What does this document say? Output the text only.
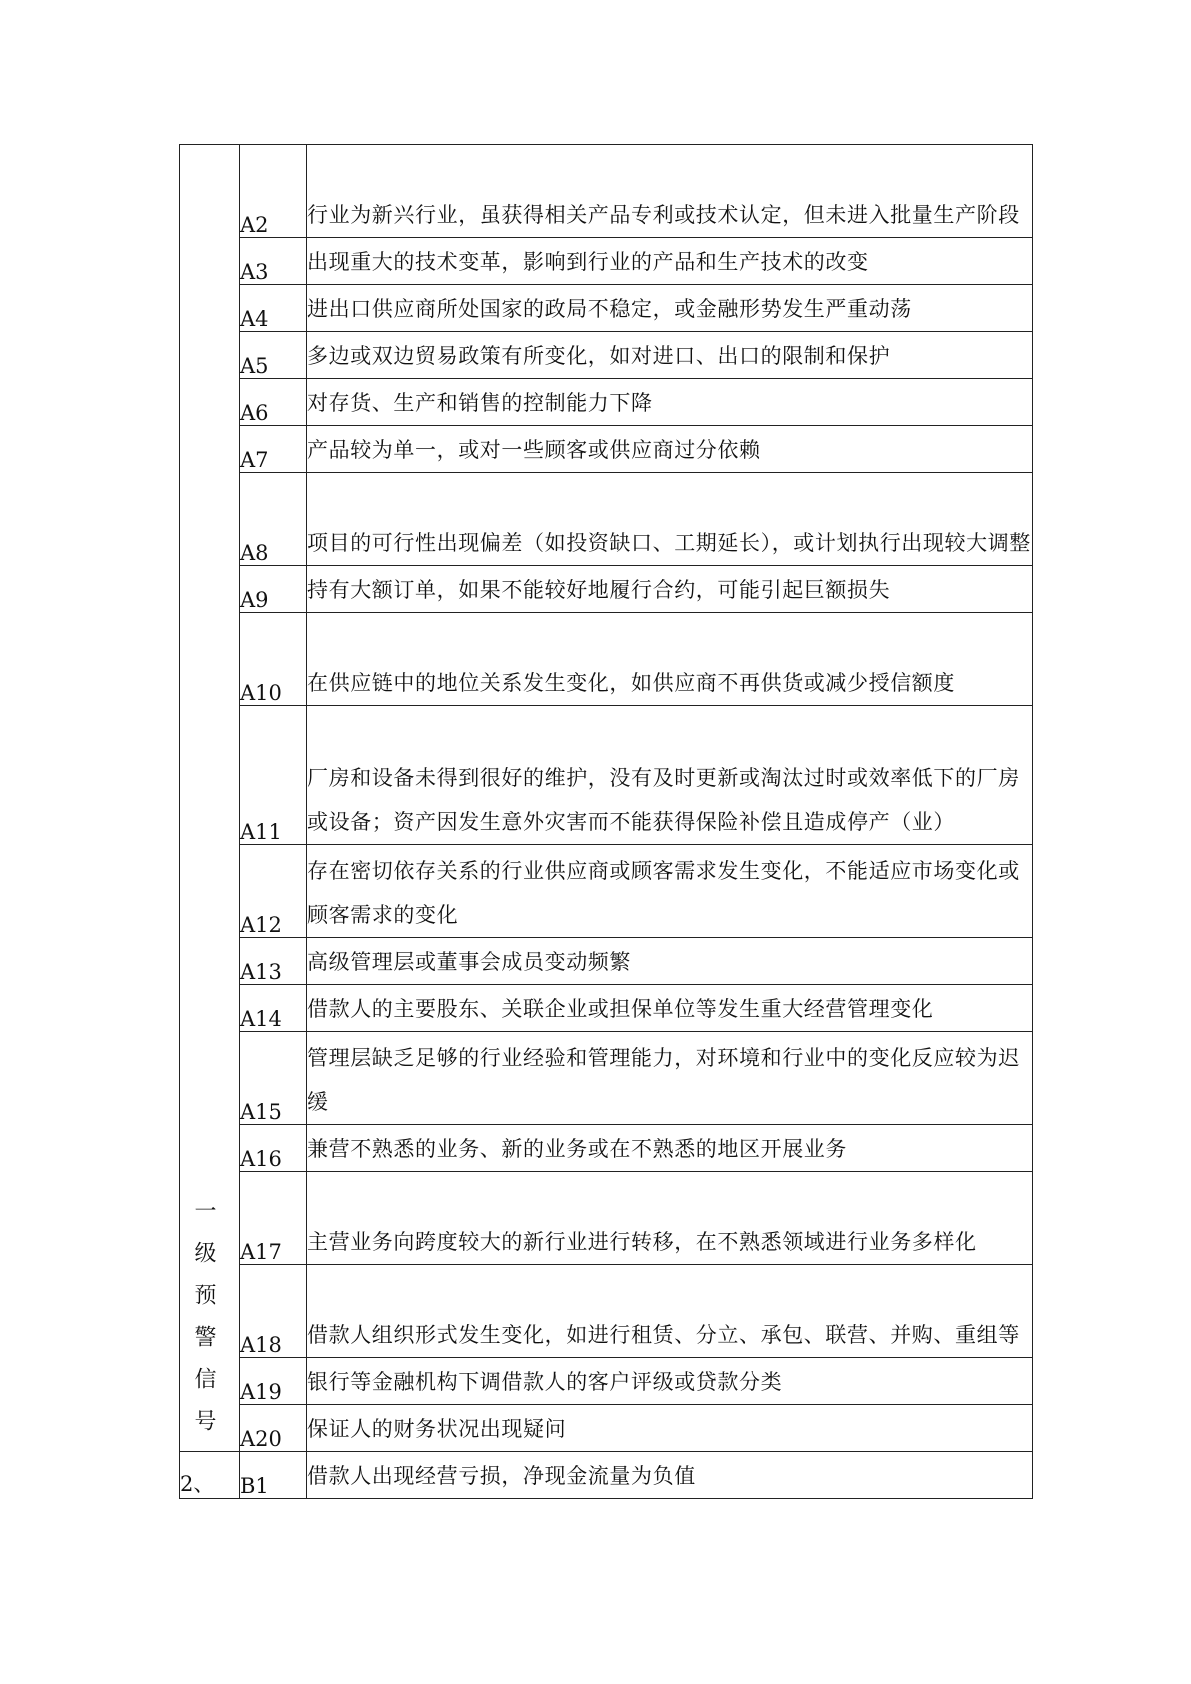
一级预警信号	A2	行业为新兴行业，虽获得相关产品专利或技术认定，但未进入批量生产阶段
	A3	出现重大的技术变革，影响到行业的产品和生产技术的改变
	A4	进出口供应商所处国家的政局不稳定，或金融形势发生严重动荡
	A5	多边或双边贸易政策有所变化，如对进口、出口的限制和保护
	A6	对存货、生产和销售的控制能力下降
	A7	产品较为单一，或对一些顾客或供应商过分依赖
	A8	项目的可行性出现偏差（如投资缺口、工期延长），或计划执行出现较大调整
	A9	持有大额订单，如果不能较好地履行合约，可能引起巨额损失
	A10	在供应链中的地位关系发生变化，如供应商不再供货或减少授信额度
	A11	厂房和设备未得到很好的维护，没有及时更新或淘汰过时或效率低下的厂房或设备；资产因发生意外灾害而不能获得保险补偿且造成停产（业）
	A12	存在密切依存关系的行业供应商或顾客需求发生变化，不能适应市场变化或顾客需求的变化
	A13	高级管理层或董事会成员变动频繁
	A14	借款人的主要股东、关联企业或担保单位等发生重大经营管理变化
	A15	管理层缺乏足够的行业经验和管理能力，对环境和行业中的变化反应较为迟缓
	A16	兼营不熟悉的业务、新的业务或在不熟悉的地区开展业务
	A17	主营业务向跨度较大的新行业进行转移，在不熟悉领域进行业务多样化
	A18	借款人组织形式发生变化，如进行租赁、分立、承包、联营、并购、重组等
	A19	银行等金融机构下调借款人的客户评级或贷款分类
	A20	保证人的财务状况出现疑问
2、	B1	借款人出现经营亏损，净现金流量为负值
